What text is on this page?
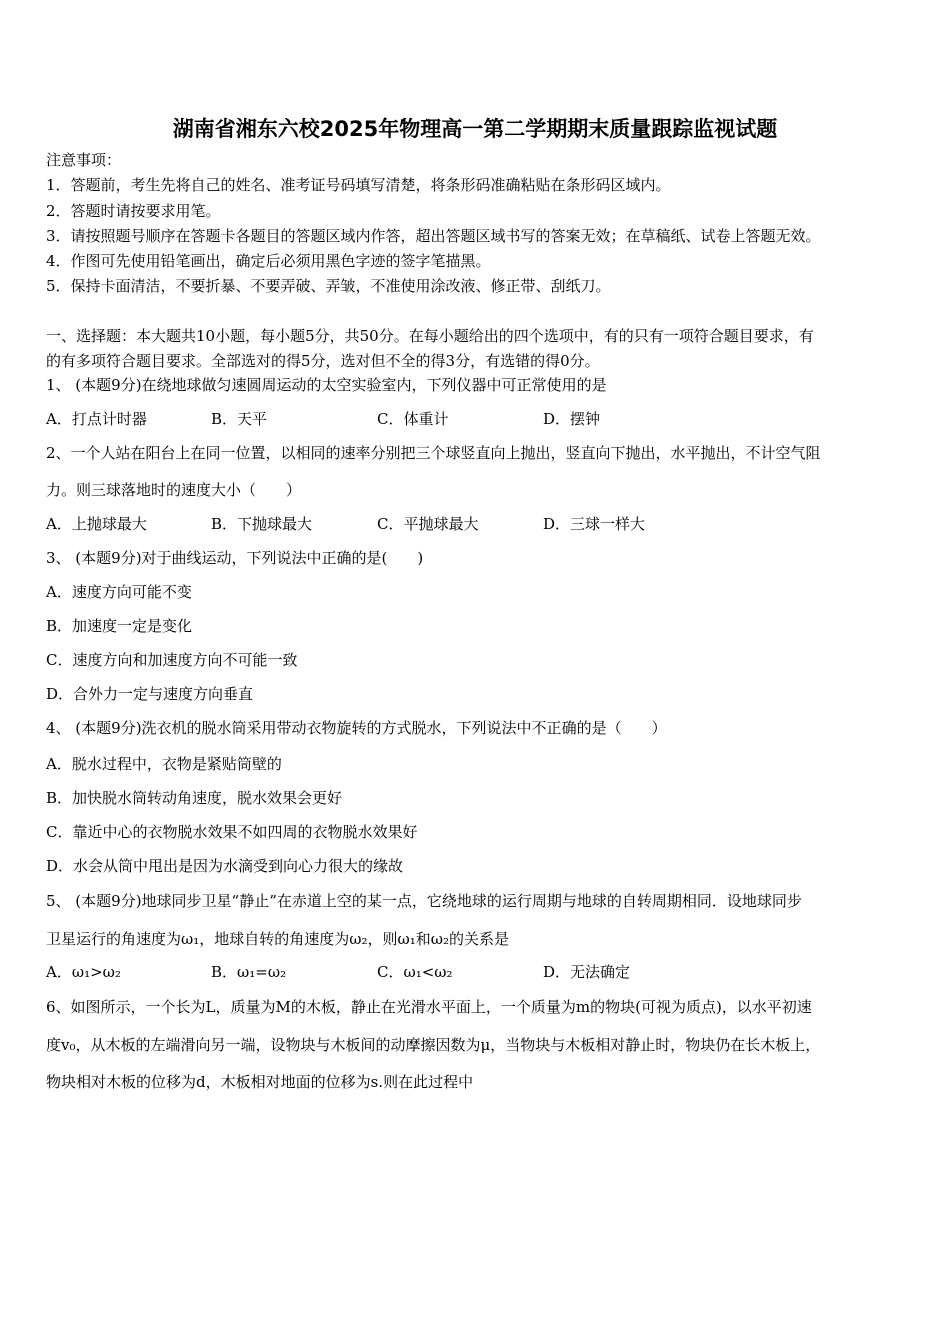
湖南省湘东六校2025年物理高一第二学期期末质量跟踪监视试题
注意事项：
1．答题前，考生先将自己的姓名、准考证号码填写清楚，将条形码准确粘贴在条形码区域内。
2．答题时请按要求用笔。
3．请按照题号顺序在答题卡各题目的答题区域内作答，超出答题区域书写的答案无效；在草稿纸、试卷上答题无效。
4．作图可先使用铅笔画出，确定后必须用黑色字迹的签字笔描黑。
5．保持卡面清洁，不要折暴、不要弄破、弄皱，不准使用涂改液、修正带、刮纸刀。
一、选择题：本大题共10小题，每小题5分，共50分。在每小题给出的四个选项中，有的只有一项符合题目要求，有
的有多项符合题目要求。全部选对的得5分，选对但不全的得3分，有选错的得0分。
1、 (本题9分)在绕地球做匀速圆周运动的太空实验室内，下列仪器中可正常使用的是
A．打点计时器	B．天平	C．体重计	D．摆钟
2、一个人站在阳台上在同一位置，以相同的速率分别把三个球竖直向上抛出，竖直向下抛出，水平抛出，不计空气阻
力。则三球落地时的速度大小（　　）
A．上抛球最大	B．下抛球最大	C．平抛球最大	D．三球一样大
3、 (本题9分)对于曲线运动，下列说法中正确的是(　　)
A．速度方向可能不变
B．加速度一定是变化
C．速度方向和加速度方向不可能一致
D．合外力一定与速度方向垂直
4、 (本题9分)洗衣机的脱水筒采用带动衣物旋转的方式脱水，下列说法中不正确的是（　　）
A．脱水过程中，衣物是紧贴筒壁的
B．加快脱水筒转动角速度，脱水效果会更好
C．靠近中心的衣物脱水效果不如四周的衣物脱水效果好
D．水会从筒中甩出是因为水滴受到向心力很大的缘故
5、 (本题9分)地球同步卫星“静止”在赤道上空的某一点，它绕地球的运行周期与地球的自转周期相同．设地球同步
卫星运行的角速度为ω₁，地球自转的角速度为ω₂，则ω₁和ω₂的关系是
A．ω₁>ω₂	B．ω₁=ω₂	C．ω₁<ω₂	D．无法确定
6、如图所示，一个长为L，质量为M的木板，静止在光滑水平面上，一个质量为m的物块(可视为质点)，以水平初速
度v₀，从木板的左端滑向另一端，设物块与木板间的动摩擦因数为μ，当物块与木板相对静止时，物块仍在长木板上，
物块相对木板的位移为d，木板相对地面的位移为s.则在此过程中
